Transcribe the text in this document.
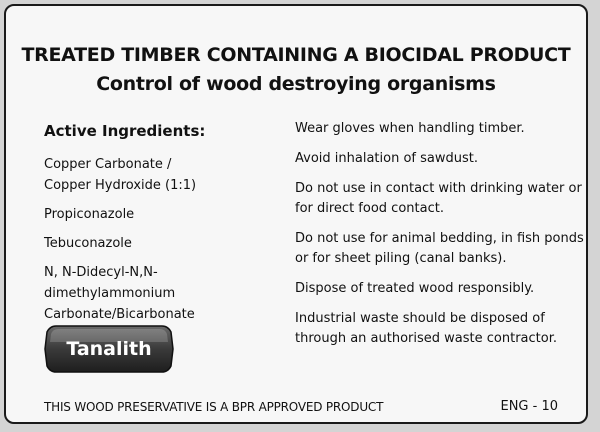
TREATED TIMBER CONTAINING A BIOCIDAL PRODUCT
Control of wood destroying organisms
Active Ingredients:
Copper Carbonate /
Copper Hydroxide (1:1)
Propiconazole
Tebuconazole
N, N-Didecyl-N,N-dimethylammonium
Carbonate/Bicarbonate
Tanalith
Wear gloves when handling timber.
Avoid inhalation of sawdust.
Do not use in contact with drinking water or
for direct food contact.
Do not use for animal bedding, in fish ponds
or for sheet piling (canal banks).
Dispose of treated wood responsibly.
Industrial waste should be disposed of
through an authorised waste contractor.
THIS WOOD PRESERVATIVE IS A BPR APPROVED PRODUCT	ENG - 10
